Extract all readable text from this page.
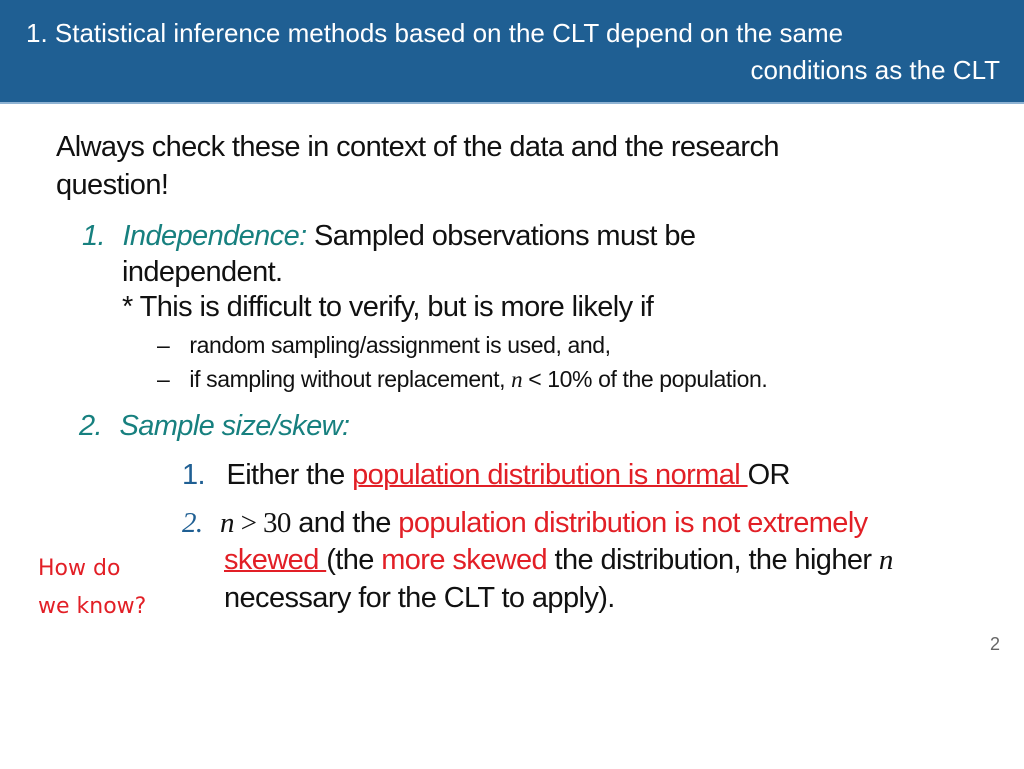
1. Statistical inference methods based on the CLT depend on the same
conditions as the CLT
Always check these in context of the data and the research
question!
1. Independence: Sampled observations must be
independent.
* This is difficult to verify, but is more likely if
– random sampling/assignment is used, and,
– if sampling without replacement, n < 10% of the population.
2. Sample size/skew:
1. Either the population distribution is normal OR
2. n > 30 and the population distribution is not extremely
skewed (the more skewed the distribution, the higher n
necessary for the CLT to apply).
How do
we know?
2
